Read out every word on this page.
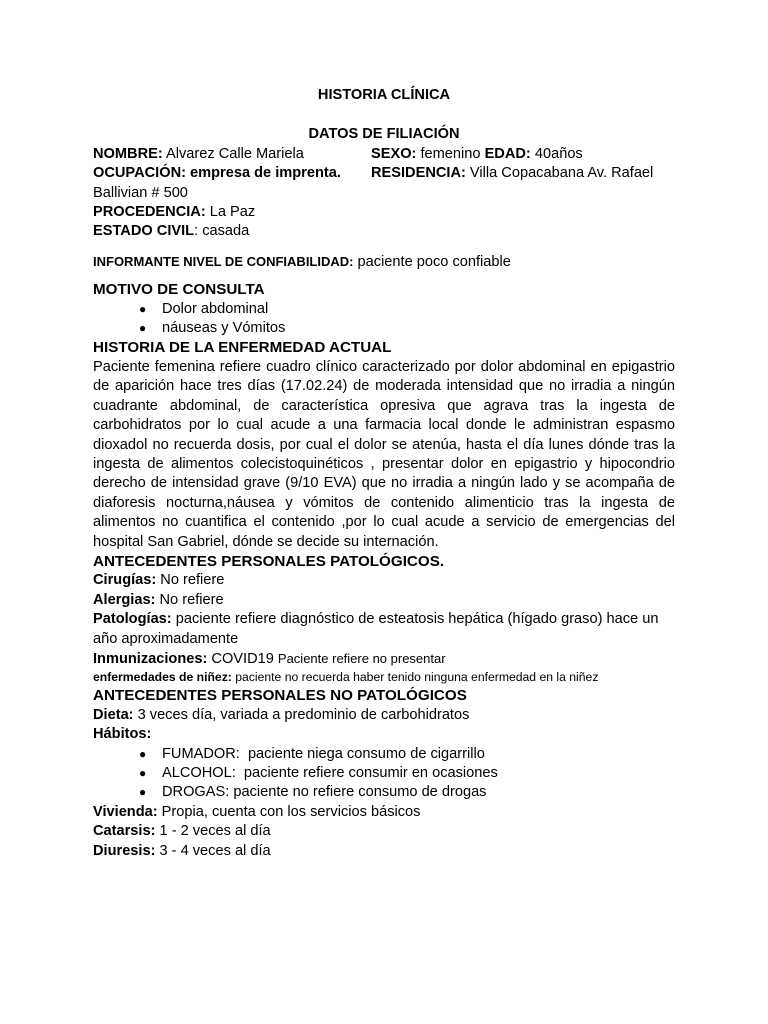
HISTORIA CLÍNICA

DATOS DE FILIACIÓN
NOMBRE: Alvarez Calle Mariela	SEXO: femenino EDAD: 40años
OCUPACIÓN: empresa de imprenta.	RESIDENCIA: Villa Copacabana Av. Rafael
Ballivian # 500
PROCEDENCIA: La Paz
ESTADO CIVIL: casada
INFORMANTE NIVEL DE CONFIABILIDAD: paciente poco confiable
MOTIVO DE CONSULTA
● Dolor abdominal
● náuseas y Vómitos
HISTORIA DE LA ENFERMEDAD ACTUAL
Paciente femenina refiere cuadro clínico caracterizado por dolor abdominal en epigastrio de aparición hace tres días (17.02.24) de moderada intensidad que no irradia a ningún cuadrante abdominal, de característica opresiva que agrava tras la ingesta de carbohidratos por lo cual acude a una farmacia local donde le administran espasmo dioxadol no recuerda dosis, por cual el dolor se atenúa, hasta el día lunes dónde tras la ingesta de alimentos colecistoquinéticos , presentar dolor en epigastrio y hipocondrio derecho de intensidad grave (9/10 EVA) que no irradia a ningún lado y se acompaña de diaforesis nocturna,náusea y vómitos de contenido alimenticio tras la ingesta de alimentos no cuantifica el contenido ,por lo cual acude a servicio de emergencias del hospital San Gabriel, dónde se decide su internación.
ANTECEDENTES PERSONALES PATOLÓGICOS.
Cirugías: No refiere
Alergias: No refiere
Patologías: paciente refiere diagnóstico de esteatosis hepática (hígado graso) hace un año aproximadamente
Inmunizaciones: COVID19 Paciente refiere no presentar
enfermedades de niñez: paciente no recuerda haber tenido ninguna enfermedad en la niñez
ANTECEDENTES PERSONALES NO PATOLÓGICOS
Dieta: 3 veces día, variada a predominio de carbohidratos
Hábitos:
● FUMADOR:  paciente niega consumo de cigarrillo
● ALCOHOL:  paciente refiere consumir en ocasiones
● DROGAS: paciente no refiere consumo de drogas
Vivienda: Propia, cuenta con los servicios básicos
Catarsis: 1 - 2 veces al día
Diuresis: 3 - 4 veces al día
